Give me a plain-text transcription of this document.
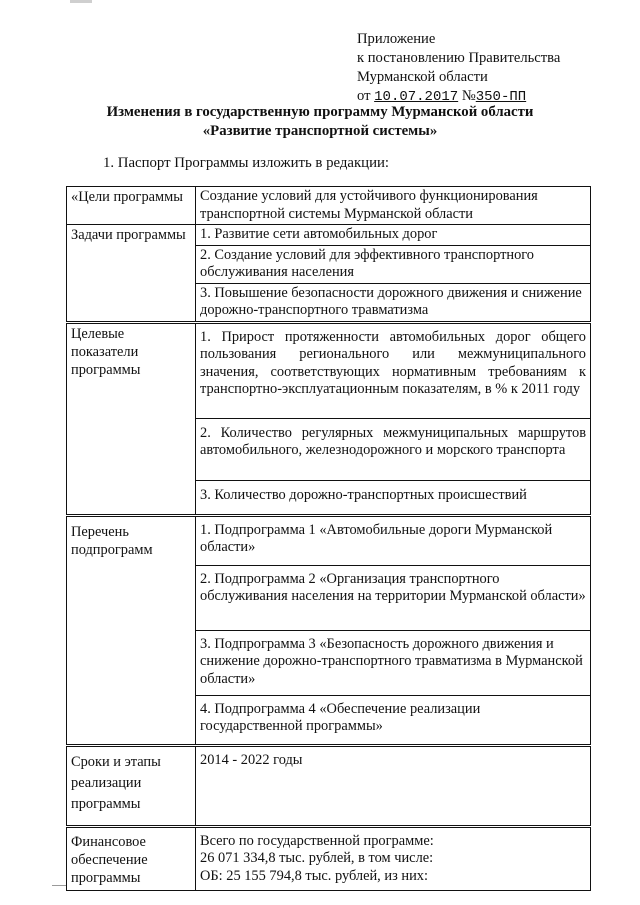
Приложение
к постановлению Правительства
Мурманской области
от 10.07.2017 №350-ПП
Изменения в государственную программу Мурманской области
«Развитие транспортной системы»
1. Паспорт Программы изложить в редакции:
«Цели программы	Создание условий для устойчивого функционирования транспортной системы Мурманской области
Задачи программы	1. Развитие сети автомобильных дорог
	2. Создание условий для эффективного транспортного обслуживания населения
	3. Повышение безопасности дорожного движения и снижение дорожно-транспортного травматизма
Целевые показатели программы	1. Прирост протяженности автомобильных дорог общего пользования регионального или межмуниципального значения, соответствующих нормативным требованиям к транспортно-эксплуатационным показателям, в % к 2011 году
	2. Количество регулярных межмуниципальных маршрутов автомобильного, железнодорожного и морского транспорта
	3. Количество дорожно-транспортных происшествий
Перечень подпрограмм	1. Подпрограмма 1 «Автомобильные дороги Мурманской области»
	2. Подпрограмма 2 «Организация транспортного обслуживания населения на территории Мурманской области»
	3. Подпрограмма 3 «Безопасность дорожного движения и снижение дорожно-транспортного травматизма в Мурманской области»
	4. Подпрограмма 4 «Обеспечение реализации государственной программы»
Сроки и этапы реализации программы	2014 - 2022 годы
Финансовое обеспечение программы	Всего по государственной программе:
26 071 334,8 тыс. рублей, в том числе:
ОБ: 25 155 794,8 тыс. рублей, из них:
